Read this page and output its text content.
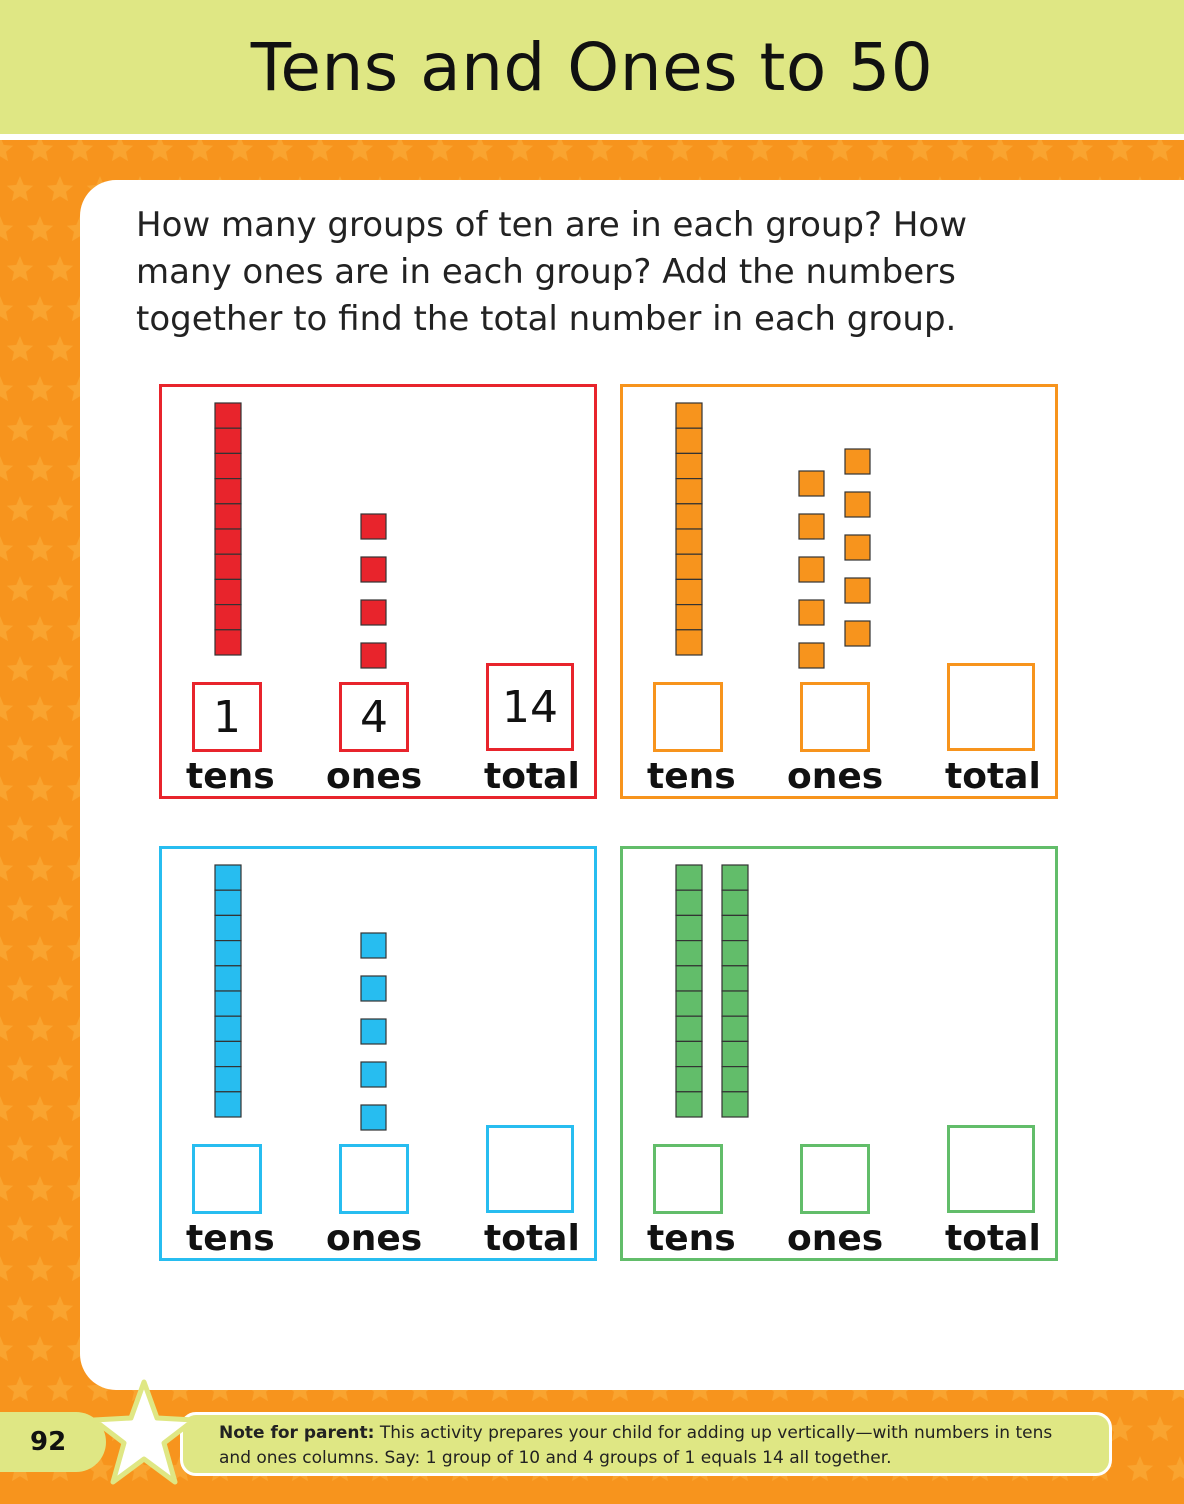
Tens and Ones to 50

How many groups of ten are in each group? How many ones are in each group? Add the numbers together to find the total number in each group.

1
tens
4
ones
14
total tens ones total
tens ones total tens ones total
92	Note for parent: This activity prepares your child for adding up vertically—with numbers in tens and ones columns. Say: 1 group of 10 and 4 groups of 1 equals 14 all together.
